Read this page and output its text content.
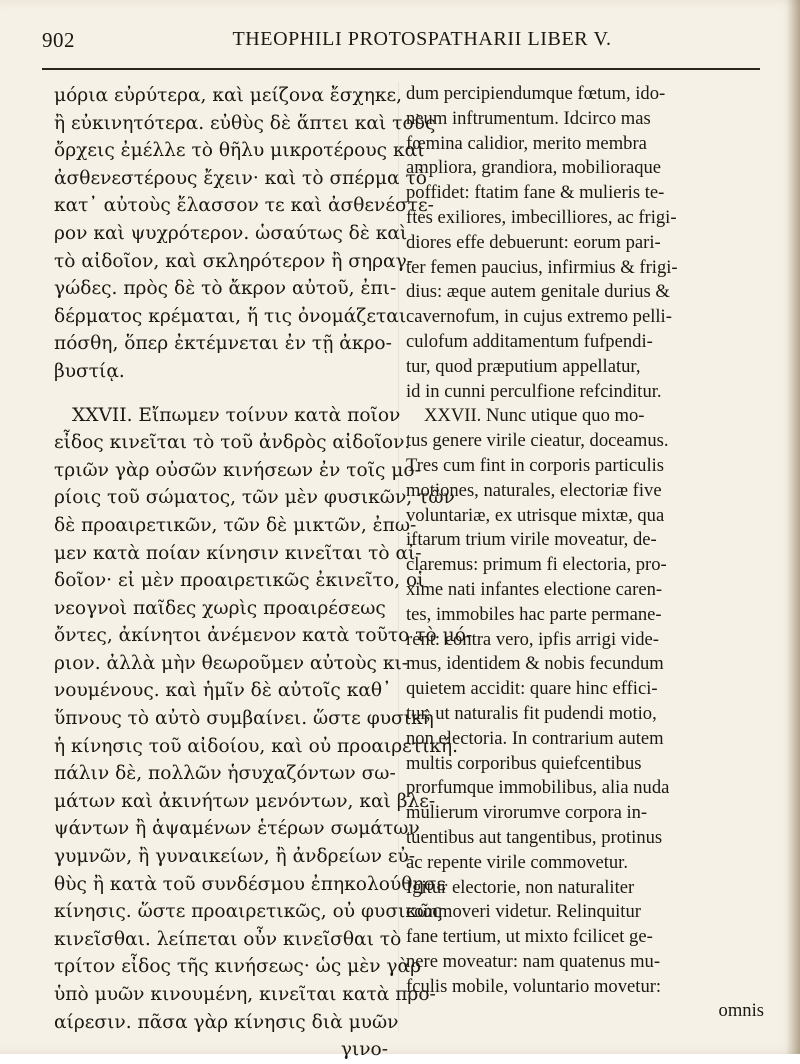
902	THEOPHILI PROTOSPATHARII LIBER V.
μόρια εὐρύτερα, καὶ μείζονα ἔσχηκε,
ἢ εὐκινητότερα. εὐθὺς δὲ ἅπτει καὶ τοὺς
ὄρχεις ἐμέλλε τὸ θῆλυ μικροτέρους καὶ
ἀσθενεστέρους ἔχειν· καὶ τὸ σπέρμα τὸ
κατ᾽ αὐτοὺς ἔλασσον τε καὶ ἀσθενέστε-
ρον καὶ ψυχρότερον. ὡσαύτως δὲ καὶ
τὸ αἰδοῖον, καὶ σκληρότερον ἢ σηραγ-
γώδες. πρὸς δὲ τὸ ἄκρον αὐτοῦ, ἐπι-
δέρματος κρέμαται, ἥ τις ὀνομάζεται
πόσθη, ὅπερ ἐκτέμνεται ἐν τῇ ἀκρο-
βυστίᾳ.
XXVII. Εἴπωμεν τοίνυν κατὰ ποῖον
εἶδος κινεῖται τὸ τοῦ ἀνδρὸς αἰδοῖον.
τριῶν γὰρ οὐσῶν κινήσεων ἐν τοῖς μο-
ρίοις τοῦ σώματος, τῶν μὲν φυσικῶν, τῶν
δὲ προαιρετικῶν, τῶν δὲ μικτῶν, ἐπω-
μεν κατὰ ποίαν κίνησιν κινεῖται τὸ αἰ-
δοῖον· εἰ μὲν προαιρετικῶς ἐκινεῖτο, οἱ
νεογνοὶ παῖδες χωρὶς προαιρέσεως
ὄντες, ἀκίνητοι ἀνέμενον κατὰ τοῦτο τὸ μό-
ριον. ἀλλὰ μὴν θεωροῦμεν αὐτοὺς κι-
νουμένους. καὶ ἡμῖν δὲ αὐτοῖς καθ᾽
ὕπνους τὸ αὐτὸ συμβαίνει. ὥστε φυσικὴ
ἡ κίνησις τοῦ αἰδοίου, καὶ οὐ προαιρετική.
πάλιν δὲ, πολλῶν ἡσυχαζόντων σω-
μάτων καὶ ἀκινήτων μενόντων, καὶ βλε-
ψάντων ἢ ἁψαμένων ἑτέρων σωμάτων
γυμνῶν, ἢ γυναικείων, ἢ ἀνδρείων εὐ-
θὺς ἢ κατὰ τοῦ συνδέσμου ἐπηκολούθησε
κίνησις. ὥστε προαιρετικῶς, οὐ φυσικῶς
κινεῖσθαι. λείπεται οὖν κινεῖσθαι τὸ
τρίτον εἶδος τῆς κινήσεως· ὡς μὲν γὰρ
ὑπὸ μυῶν κινουμένη, κινεῖται κατὰ προ-
αίρεσιν. πᾶσα γὰρ κίνησις διὰ μυῶν
γινο-
dum percipiendumque fœtum, ido-
neum inftrumentum. Idcirco mas
fœmina calidior, merito membra
ampliora, grandiora, mobilioraque
poffidet: ftatim fane & mulieris te-
ftes exiliores, imbecilliores, ac frigi-
diores effe debuerunt: eorum pari-
ter femen paucius, infirmius & frigi-
dius: æque autem genitale durius &
cavernofum, in cujus extremo pelli-
culofum additamentum fufpendi-
tur, quod præputium appellatur,
id in cunni perculfione refcinditur.
XXVII. Nunc utique quo mo-
tus genere virile cieatur, doceamus.
Tres cum fint in corporis particulis
motiones, naturales, electoriæ five
voluntariæ, ex utrisque mixtæ, qua
iftarum trium virile moveatur, de-
claremus: primum fi electoria, pro-
xime nati infantes electione caren-
tes, immobiles hac parte permane-
rent: contra vero, ipfis arrigi vide-
mus, identidem & nobis fecundum
quietem accidit: quare hinc effici-
tur, ut naturalis fit pudendi motio,
non electoria. In contrarium autem
multis corporibus quiefcentibus
prorfumque immobilibus, alia nuda
mulierum virorumve corpora in-
tuentibus aut tangentibus, protinus
ac repente virile commovetur.
Igitur electorie, non naturaliter
commoveri videtur. Relinquitur
fane tertium, ut mixto fcilicet ge-
nere moveatur: nam quatenus mu-
fculis mobile, voluntario movetur:
omnis
